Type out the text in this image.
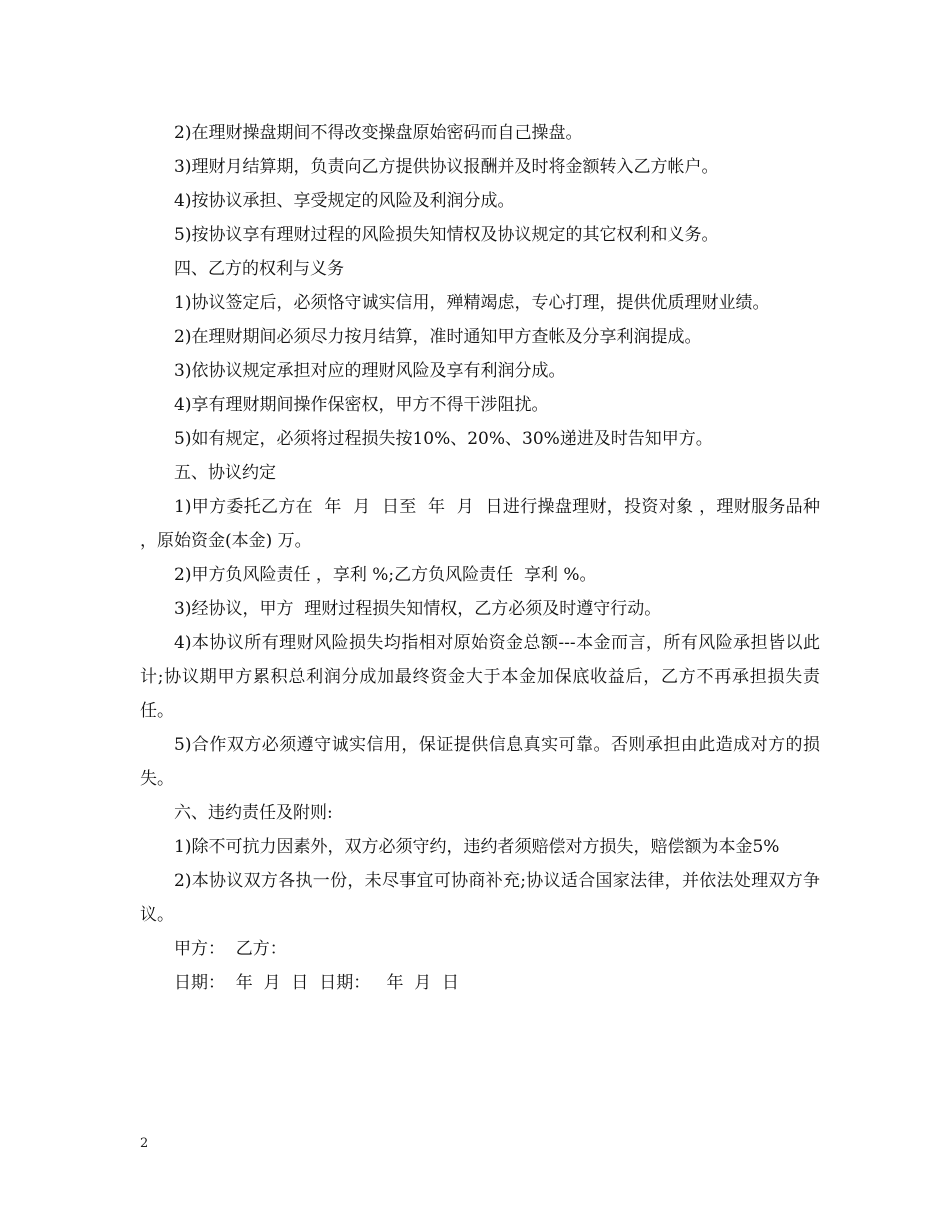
2)在理财操盘期间不得改变操盘原始密码而自己操盘。

3)理财月结算期，负责向乙方提供协议报酬并及时将金额转入乙方帐户。

4)按协议承担、享受规定的风险及利润分成。

5)按协议享有理财过程的风险损失知情权及协议规定的其它权利和义务。

四、乙方的权利与义务

1)协议签定后，必须恪守诚实信用，殚精竭虑，专心打理，提供优质理财业绩。

2)在理财期间必须尽力按月结算，准时通知甲方查帐及分享利润提成。

3)依协议规定承担对应的理财风险及享有利润分成。

4)享有理财期间操作保密权，甲方不得干涉阻扰。

5)如有规定，必须将过程损失按10%、20%、30%递进及时告知甲方。

五、协议约定

1)甲方委托乙方在  年  月  日至  年  月  日进行操盘理财，投资对象 ，理财服务品种 ，原始资金(本金) 万。

2)甲方负风险责任 ，享利 %;乙方负风险责任  享利 %。

3)经协议，甲方  理财过程损失知情权，乙方必须及时遵守行动。

4)本协议所有理财风险损失均指相对原始资金总额---本金而言，所有风险承担皆以此计;协议期甲方累积总利润分成加最终资金大于本金加保底收益后，乙方不再承担损失责任。

5)合作双方必须遵守诚实信用，保证提供信息真实可靠。否则承担由此造成对方的损失。

六、违约责任及附则:

1)除不可抗力因素外，双方必须守约，违约者须赔偿对方损失，赔偿额为本金5%

2)本协议双方各执一份，未尽事宜可协商补充;协议适合国家法律，并依法处理双方争议。

甲方：  乙方：

日期：  年  月  日  日期：   年  月  日

2
